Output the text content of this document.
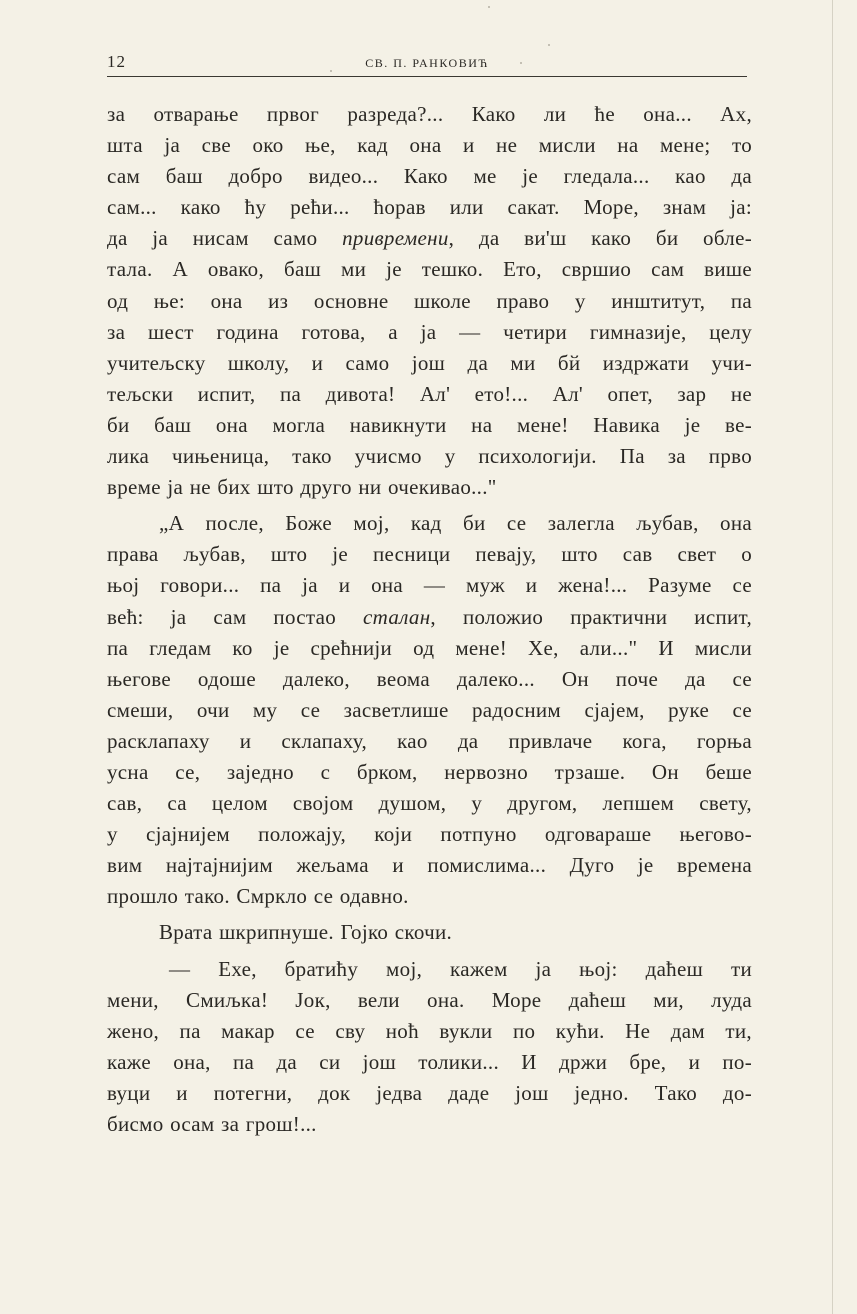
12	СВ. П. РАНКОВИЋ

за отварање првог разреда?... Како ли ће она... Ах,
шта ја све око ње, кад она и не мисли на мене; то
сам баш добро видео... Како ме је гледала... као да
сам... како ћу рећи... ћорав или сакат. Море, знам ја:
да ја нисам само привремени, да ви'ш како би обле-
тала. А овако, баш ми је тешко. Ето, свршио сам више
од ње: она из основне школе право у инштитут, па
за шест година готова, а ја — четири гимназије, целу
учитељску школу, и само још да ми бй издржати учи-
тељски испит, па дивота! Ал' ето!... Ал' опет, зар не
би баш она могла навикнути на мене! Навика је ве-
лика чињеница, тако учисмо у психологији. Па за прво
време ја не бих што друго ни очекивао..."

„А после, Боже мој, кад би се залегла љубав, она
права љубав, што је песници певају, што сав свет о
њој говори... па ја и она — муж и жена!... Разуме се
већ: ја сам постао сталан, положио практични испит,
па гледам ко је срећнији од мене! Хе, али..." И мисли
његове одоше далеко, веома далеко... Он поче да се
смеши, очи му се засветлише радосним сјајем, руке се
расклапаху и склапаху, као да привлаче кога, горња
усна се, заједно с брком, нервозно трзаше. Он беше
сав, са целом својом душом, у другом, лепшем свету,
у сјајнијем положају, који потпуно одговараше његово-
вим најтајнијим жељама и помислима... Дуго је времена
прошло тако. Смркло се одавно.

Врата шкрипнуше. Гојко скочи.

— Ехе, братићу мој, кажем ја њој: даћеш ти
мени, Смиљка! Јок, вели она. Море даћеш ми, луда
жено, па макар се сву ноћ вукли по кући. Не дам ти,
каже она, па да си још толики... И држи бре, и по-
вуци и потегни, док једва даде још једно. Тако до-
бисмо осам за грош!...
